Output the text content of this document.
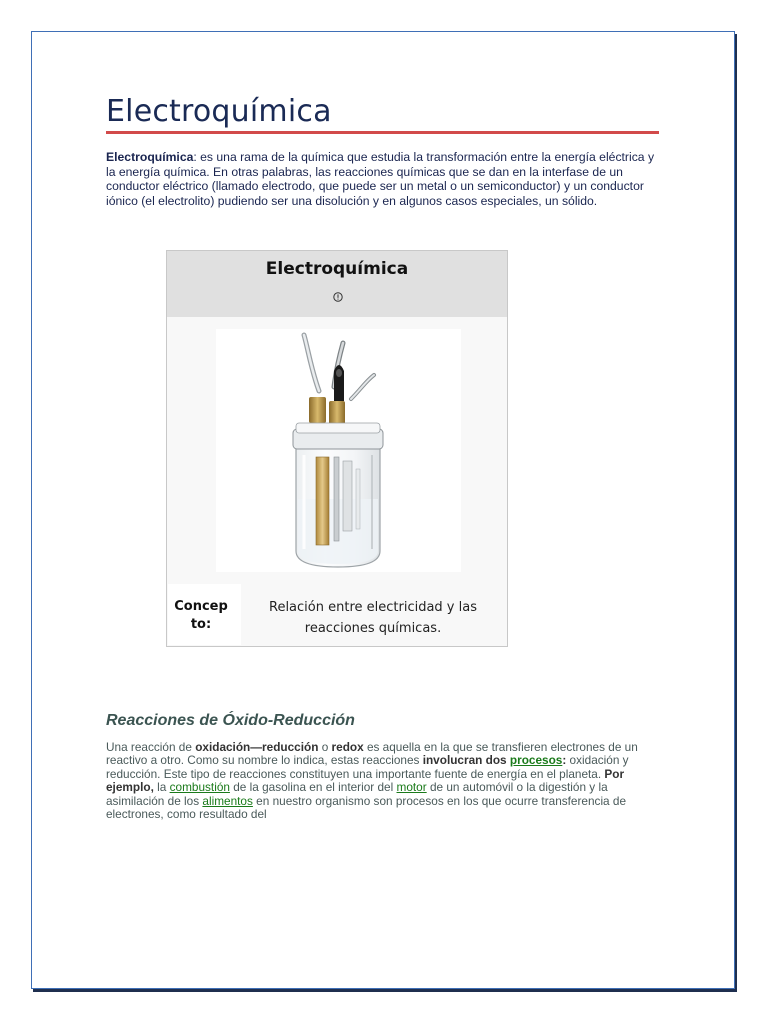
Electroquímica

Electroquímica: es una rama de la química que estudia la transformación entre la energía eléctrica y la energía química. En otras palabras, las reacciones químicas que se dan en la interfase de un conductor eléctrico (llamado electrodo, que puede ser un metal o un semiconductor) y un conductor iónico (el electrolito) pudiendo ser una disolución y en algunos casos especiales, un sólido.

Electroquímica
Concepto:
Relación entre electricidad y las reacciones químicas.
Reacciones de Óxido-Reducción

Una reacción de oxidación—reducción o redox es aquella en la que se transfieren electrones de un reactivo a otro. Como su nombre lo indica, estas reacciones involucran dos procesos: oxidación y reducción. Este tipo de reacciones constituyen una importante fuente de energía en el planeta. Por ejemplo, la combustión de la gasolina en el interior del motor de un automóvil o la digestión y la asimilación de los alimentos en nuestro organismo son procesos en los que ocurre transferencia de electrones, como resultado del
